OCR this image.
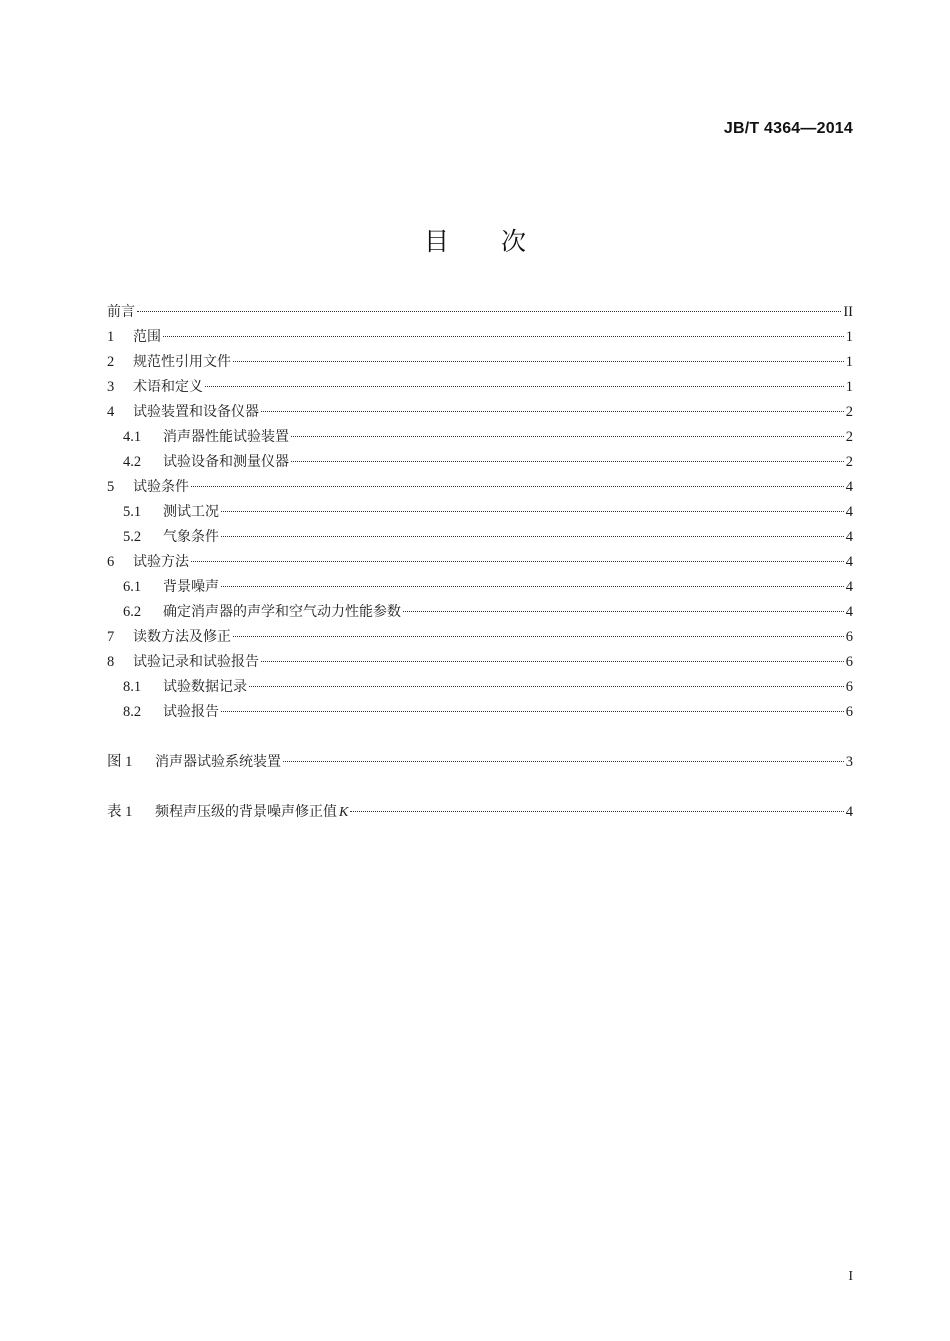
JB/T 4364—2014
目次
前言	II
1	范围	1
2	规范性引用文件	1
3	术语和定义	1
4	试验装置和设备仪器	2
4.1	消声器性能试验装置	2
4.2	试验设备和测量仪器	2
5	试验条件	4
5.1	测试工况	4
5.2	气象条件	4
6	试验方法	4
6.1	背景噪声	4
6.2	确定消声器的声学和空气动力性能参数	4
7	读数方法及修正	6
8	试验记录和试验报告	6
8.1	试验数据记录	6
8.2	试验报告	6
图 1	消声器试验系统装置	3
表 1	频程声压级的背景噪声修正值 K	4
I
